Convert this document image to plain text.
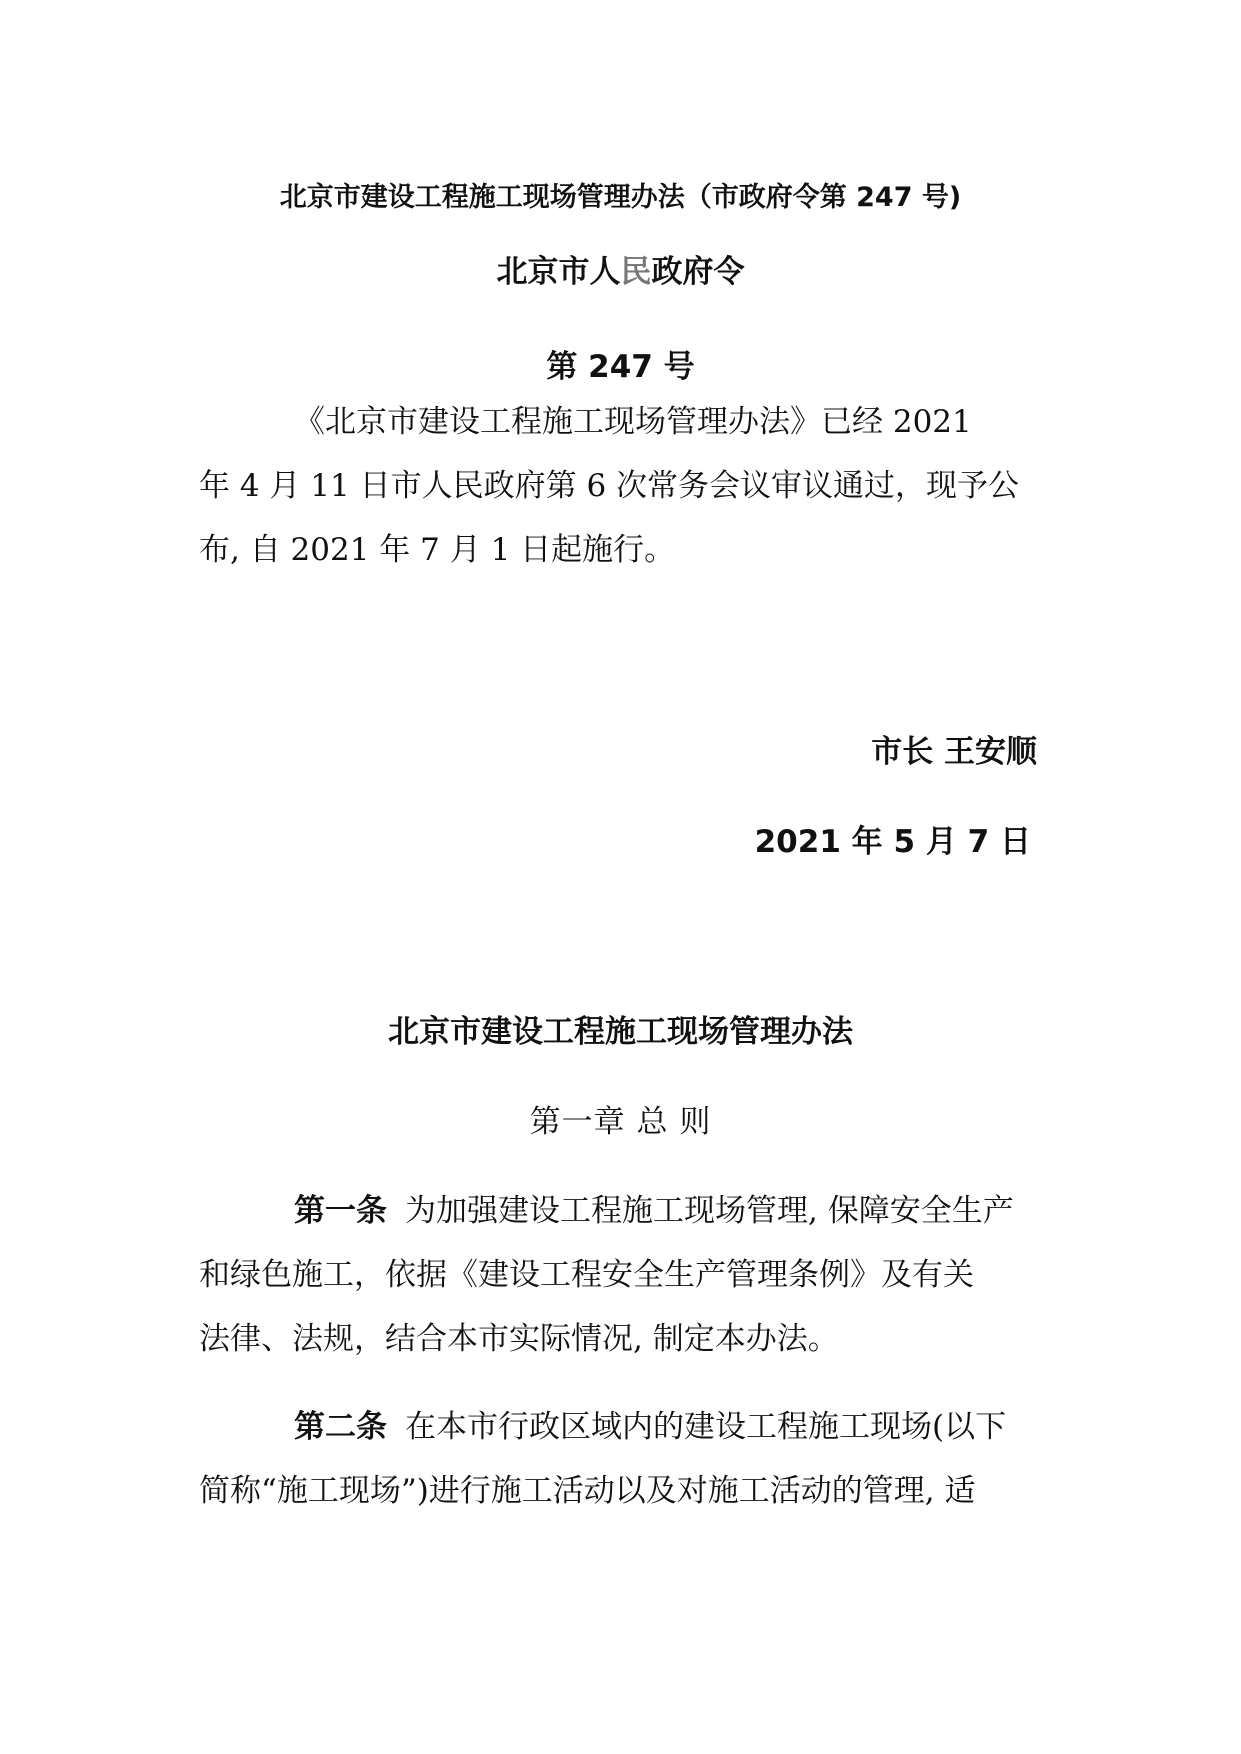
北京市建设工程施工现场管理办法（市政府令第 247 号)
北京市人民政府令
第 247 号
《北京市建设工程施工现场管理办法》已经 2021
年 4 月 11 日市人民政府第 6 次常务会议审议通过，现予公
布, 自 2021 年 7 月 1 日起施行。
市长 王安顺
2021 年 5 月 7 日
北京市建设工程施工现场管理办法
第一章 总 则
第一条 为加强建设工程施工现场管理, 保障安全生产
和绿色施工，依据《建设工程安全生产管理条例》及有关
法律、法规，结合本市实际情况, 制定本办法。
第二条 在本市行政区域内的建设工程施工现场(以下
简称“施工现场”)进行施工活动以及对施工活动的管理, 适
